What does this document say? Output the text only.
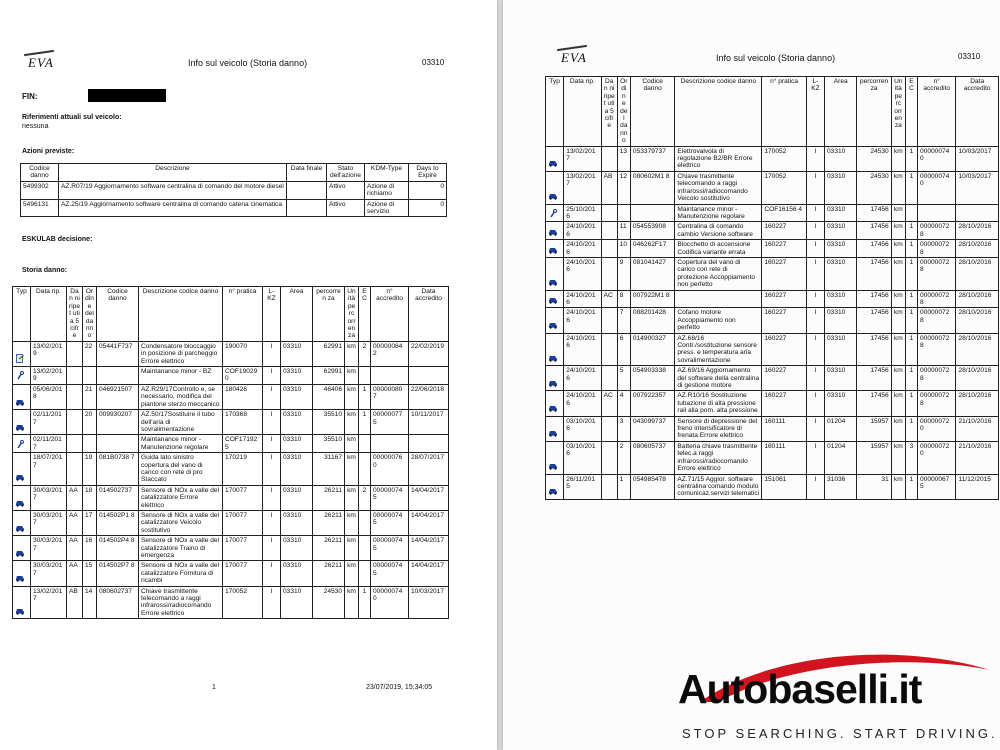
EVA	Info sul veicolo (Storia danno)	03310
FIN:
Riferimenti attuali sul veicolo:
nessuna
Azioni previste:
Codice danno	Descrizione	Data finale	Stato dell'azione	KDM-Type	Days to Expire
5499302	AZ.R07/19 Aggiornamento software centralina di comando del motore diesel		Attivo	Azione di richiamo	0
5496131	AZ.25/19 Aggiornamento software centralina di comando catena cinematica		Attivo	Azione di servizio	0
ESKULAB decisione:
Storia danno:
Typ	Data rip.	Dan ni ripet uti a 5 cifre	Or din e del da nn o	Codice danno	Descrizione codice danno	n° pratica	L-KZ	Area	percorren za	Un ità pe rc orr en za	E C	n° accredito	Data accredito
	13/02/201 9		22	05441F737	Condensatore bloccaggio in posizione di parcheggio Errore elettrico	190070	I	03310	62991	km	2	00000084 2	22/02/2019
	13/02/201 9				Maintanance minor - BZ	COF19029 0	I	03310	62991	km			
	05/06/201 8		21	046921507	AZ.R29/17Controllo e, se necessario, modifica del piantone sterzo meccanico	180426	I	03310	46406	km	1	00000080 7	22/06/2018
	02/11/201 7		20	009930207	AZ.50/17Sostituire il tubo dell'aria di sovralimentazione	170368	I	03310	35510	km	1	00000077 5	10/11/2017
	02/11/201 7				Maintanance minor - Manutenzione regolare	COF17192 5	I	03310	35510	km			
	18/07/201 7		19	081B0738 7	Guida lato sinistro copertura del vano di carico con rete di pro Staccato	170219	I	03310	31167	km		00000076 0	28/07/2017
	30/03/201 7	AA	18	014502737	Sensore di NOx a valle del catalizzatore Errore elettrico	170077	I	03310	26211	km	2	00000074 5	14/04/2017
	30/03/201 7	AA	17	014502P1 8	Sensore di NOx a valle del catalizzatore Veicolo sostitutivo	170077	I	03310	26211	km		00000074 5	14/04/2017
	30/03/201 7	AA	16	014502P4 8	Sensore di NOx a valle del catalizzatore Traino di emergenza	170077	I	03310	26211	km		00000074 5	14/04/2017
	30/03/201 7	AA	15	014502P7 8	Sensore di NOx a valle del catalizzatore Fornitura di ricambi	170077	I	03310	26211	km		00000074 5	14/04/2017
	13/02/201 7	AB	14	080602737	Chiave trasmittente telecomando a raggi infrarossi/radiocomando Errore elettrico	170052	I	03310	24530	km	1	00000074 0	10/03/2017
1	23/07/2019, 15:34:05
EVA	Info sul veicolo (Storia danno)	03310
Typ	Data rip.	Dan ni ripet uti a 5 cifre	Or din e del da nn o	Codice danno	Descrizione codice danno	n° pratica	L-KZ	Area	percorren za	Un ità pe rc orr en za	E C	n° accredito	Data accredito
	13/02/201 7		13	053379737	Elettrovalvola di regolazione B2/BR Errore elettrico	170052	I	03310	24530	km	1	00000074 0	10/03/2017
	13/02/201 7	AB	12	080602M1 8	Chiave trasmittente telecomando a raggi infrarossi/radiocomando Veicolo sostitutivo	170052	I	03310	24530	km	1	00000074 0	10/03/2017
	25/10/201 6				Maintanance minor - Manutenzione regolare	COF16156 4	I	03310	17456	km			
	24/10/201 6		11	054553908	Centralina di comando cambio Versione software	160227	I	03310	17456	km	1	00000072 8	28/10/2016
	24/10/201 6		10	046262F17	Blocchetto di accensione Codifica variante errata	160227	I	03310	17456	km	1	00000072 8	28/10/2016
	24/10/201 6		9	081041427	Copertura del vano di carico con rete di protezione Accoppiamento non perfetto	160227	I	03310	17456	km	1	00000072 8	28/10/2016
	24/10/201 6	AC	8	007922M1 8		160227	I	03310	17456	km	1	00000072 8	28/10/2016
	24/10/201 6		7	088201428	Cofano motore Accoppiamento non perfetto	160227	I	03310	17456	km	1	00000072 8	28/10/2016
	24/10/201 6		6	014900327	AZ.68/16 Contr./sostituzione sensore press. e temperatura aria sovralimentazione	160227	I	03310	17456	km	1	00000072 8	28/10/2016
	24/10/201 6		5	054903338	AZ.69/16 Aggiornamento del software della centralina di gestione motore	160227	I	03310	17456	km	1	00000072 8	28/10/2016
	24/10/201 6	AC	4	007922357	AZ.R10/16 Sostituzione tubazione di alta pressione rail alla pom. alta pressione	160227	I	03310	17456	km	1	00000072 8	28/10/2016
	03/10/201 6		3	043099737	Sensore di depressione del freno intensificatore di frenata Errore elettrico	160111	I	01204	15957	km	1	00000072 0	21/10/2016
	03/10/201 6		2	080605737	Batteria chiave trasmittente telec.a raggi infrarossi/radiocomando Errore elettrico	160111	I	01204	15957	km	3	00000072 0	21/10/2016
	26/11/201 5		1	054985478	AZ.71/15 Aggior. software centralina comando modulo comunicaz.servizi telematici	151061	I	31036	31	km	1	00000067 5	11/12/2015
Autobaselli.it
STOP SEARCHING. START DRIVING.
